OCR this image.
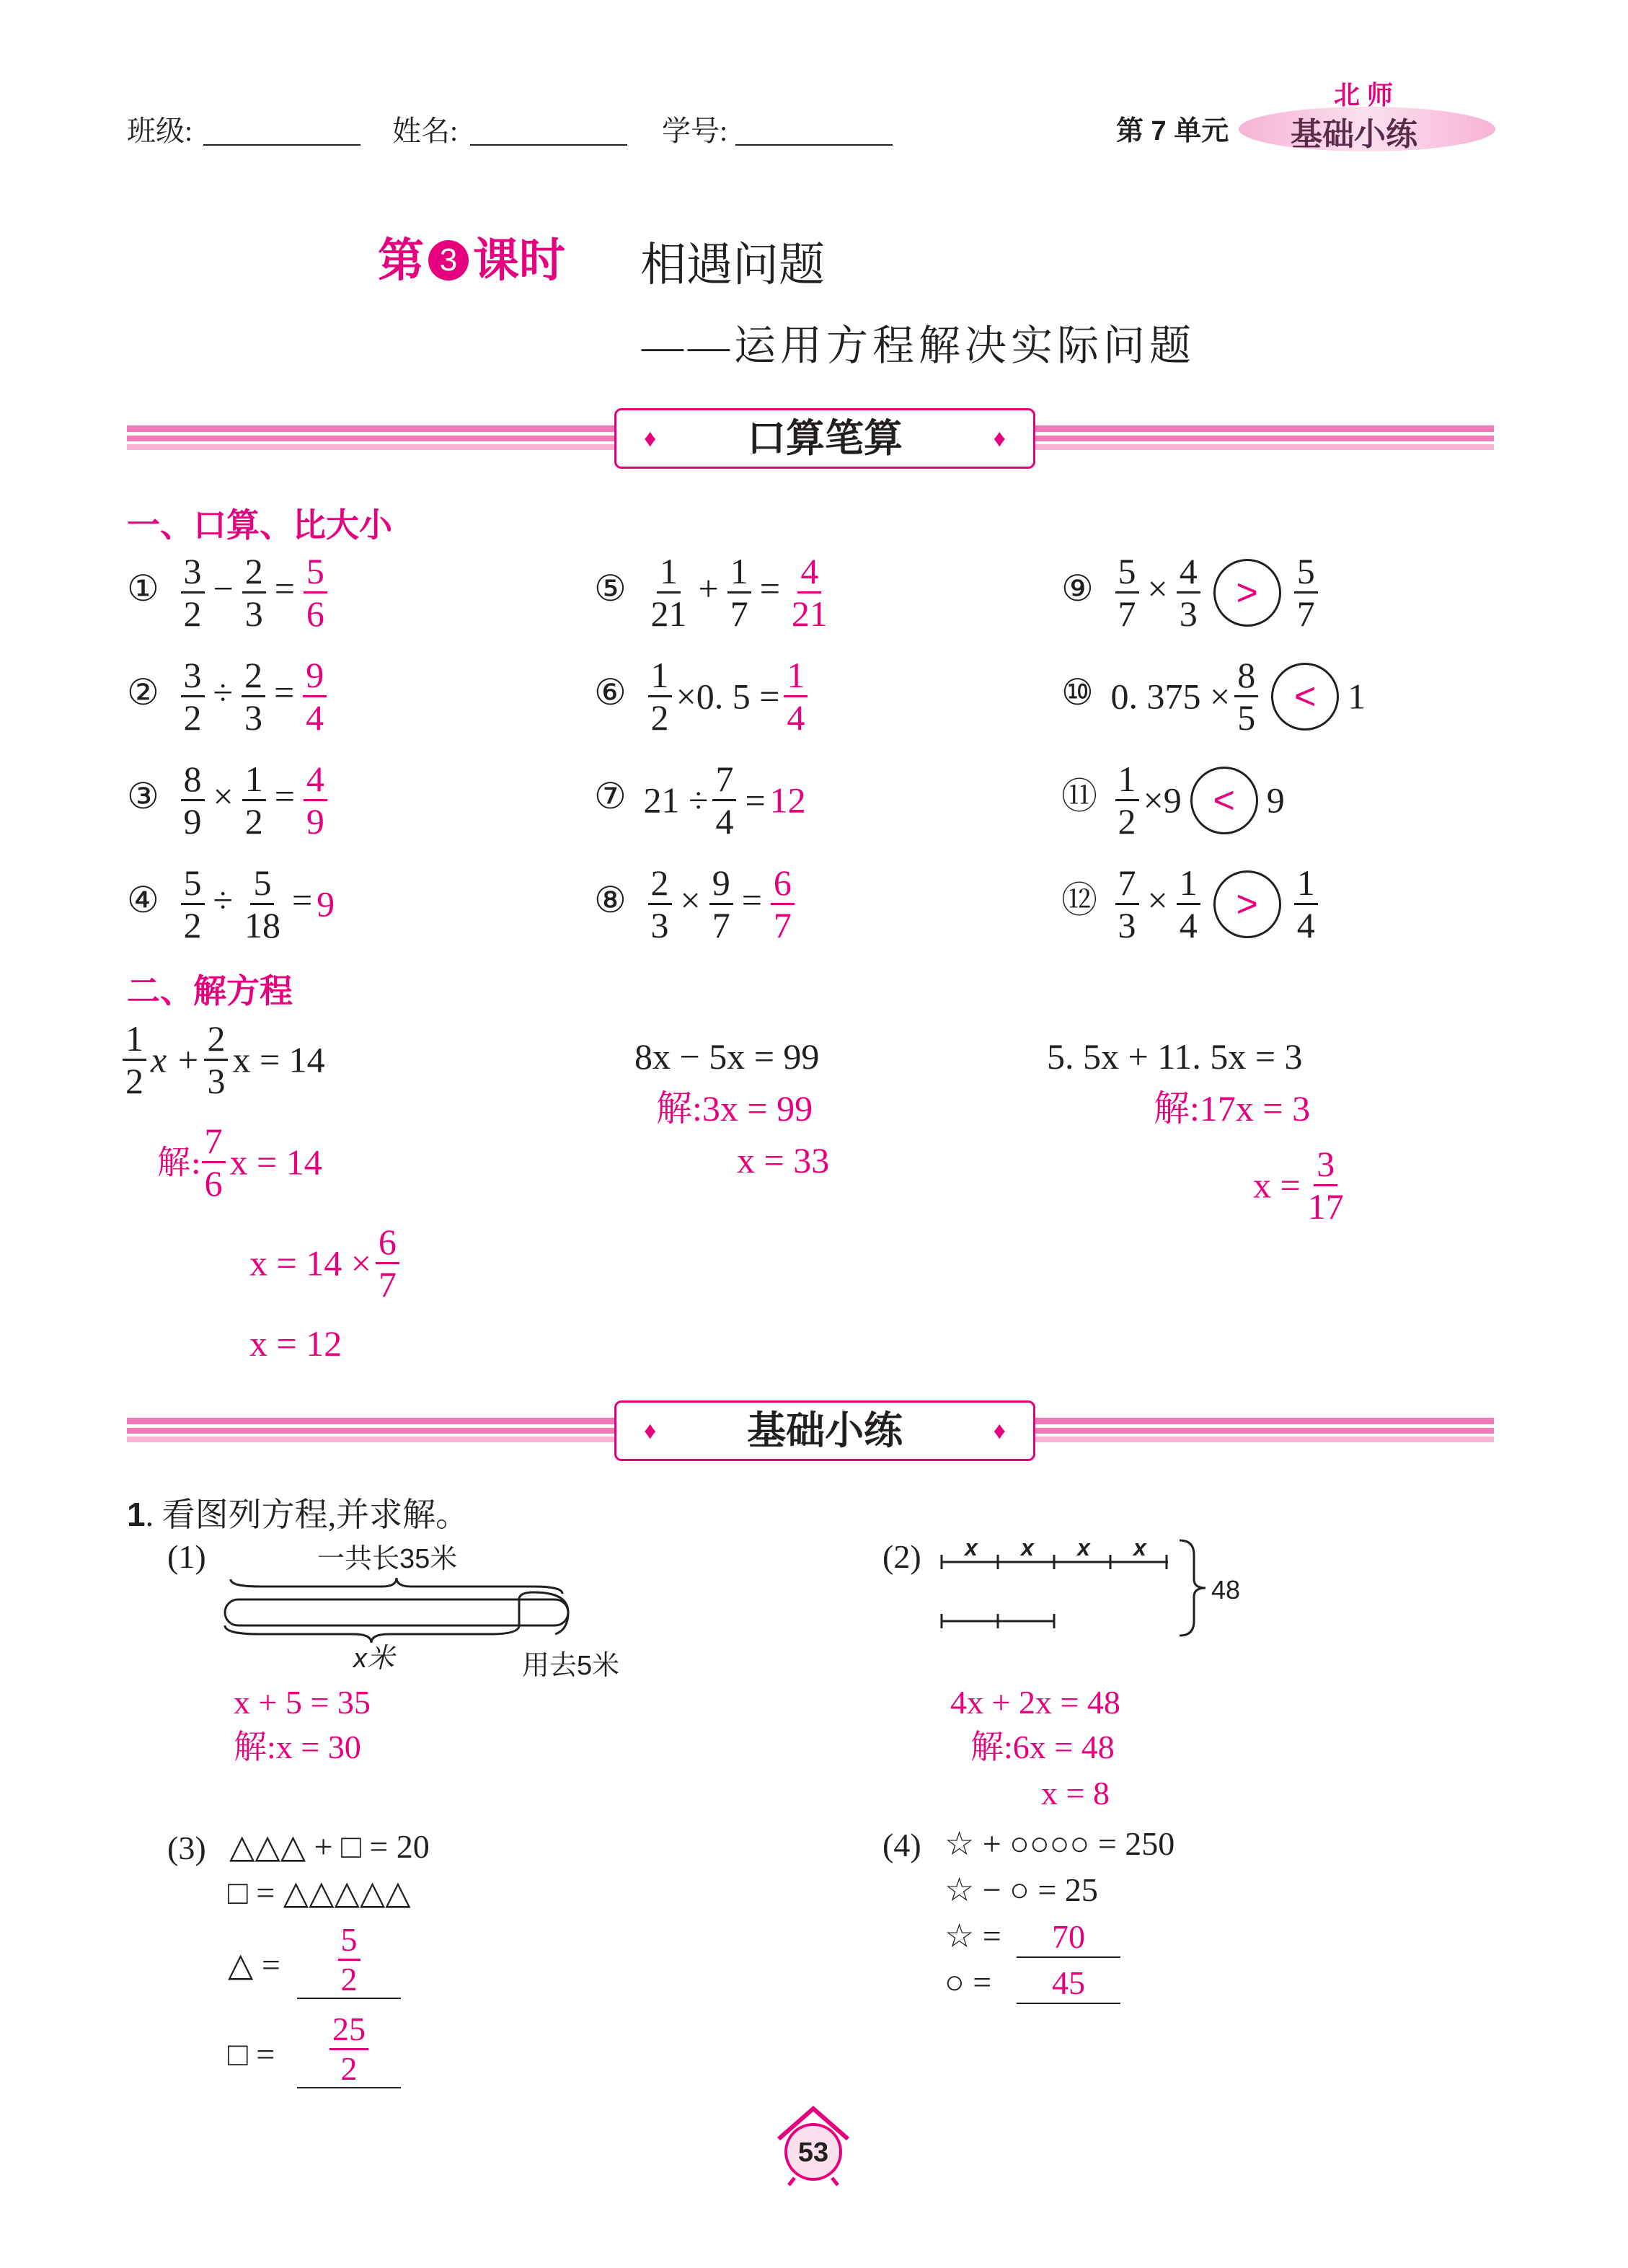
班级:	姓名:	学号:	第 7 单元
北 师
基础小练
第 3 课时 相遇问题
——运用方程解决实际问题
♦ 口算笔算	♦
一、口算、比大小
① $\frac{3}{2} - \frac{2}{3} = \frac{5}{6}$
② $\frac{3}{2} \div \frac{2}{3} = \frac{9}{4}$
③ $\frac{8}{9} \times \frac{1}{2} = \frac{4}{9}$
④ $\frac{5}{2} \div \frac{5}{18} = 9$
⑤ $\frac{1}{21} + \frac{1}{7} = \frac{4}{21}$
⑥ $\frac{1}{2} \times 0$. $5 = \frac{1}{4}$
⑦ $21 \div \frac{7}{4} = 12$
⑧ $\frac{2}{3} \times \frac{9}{7} = \frac{6}{7}$
⑨ $\frac{5}{7} \times \frac{4}{3} > \frac{5}{7}$
⑩ 0. $375 \times \frac{8}{5} < 1$
⑪ $\frac{1}{2} \times 9 < 9$
⑫ $\frac{7}{3} \times \frac{1}{4} > \frac{1}{4}$
二、解方程
$\frac{1}{2}$ $x + \frac{2}{3}$ x = 14
解: $\frac{7}{6}$ x = 14
$x = 14 \times \frac{6}{7}$
x = 12
8x − 5x = 99
解:3x = 99
x = 33
5. 5x + 11. 5x = 3
解:17x = 3
$x = \frac{3}{17}$
♦ 基础小练	♦
1. 看图列方程,并求解。
(1)	一共长35米
x米	用去5米
x + 5 = 35
解:x = 30
(2) x x x x
48
4x + 2x = 48
解:6x = 48
x = 8
(3) △△△ + □ = 20
□ = △△△△△
△ = $\frac{5}{2}$
□ = $\frac{25}{2}$
(4) ☆ + ○○○○ = 250
☆ − ○ = 25
☆ =	70
○ =	45
53
